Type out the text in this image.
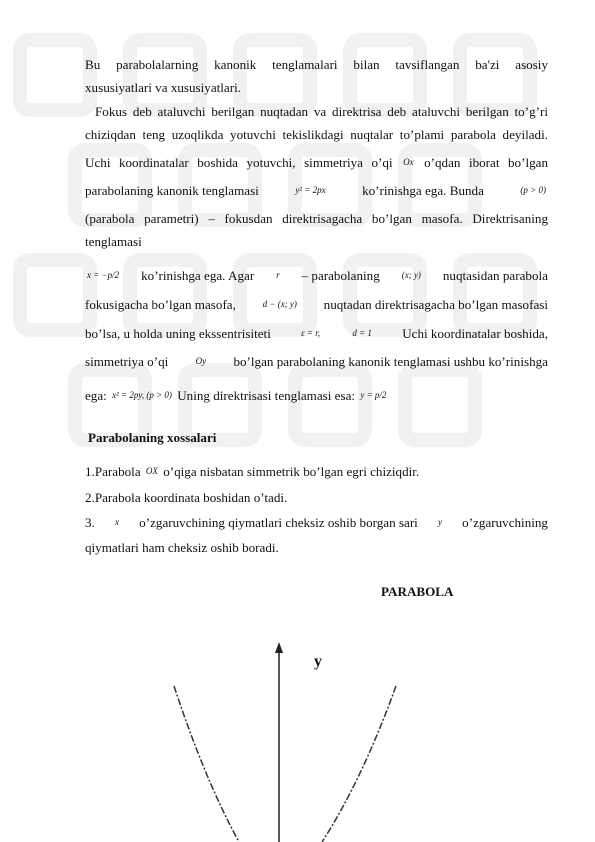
Bu parabolalarning kanonik tenglamalari bilan tavsiflangan ba'zi asosiy
xususiyatlari va xususiyatlari.
Fokus deb ataluvchi berilgan nuqtadan va direktrisa deb ataluvchi berilgan to’g’ri
chiziqdan teng uzoqlikda yotuvchi tekislikdagi nuqtalar to’plami parabola deyiladi.
Uchi koordinatalar boshida yotuvchi, simmetriya o’qi Ox o’qdan iborat bo’lgan
parabolaning kanonik tenglamasi	y² = 2px	ko’rinishga ega. Bunda	(p > 0)
(parabola parametri) – fokusdan direktrisagacha bo’lgan masofa. Direktrisaning
tenglamasi
x = −p/2 ko’rinishga ega. Agar r – parabolaning (x; y) nuqtasidan parabola
fokusigacha bo’lgan masofa,	d − (x; y) nuqtadan direktrisagacha bo’lgan masofasi
bo’lsa, u holda uning ekssentrisiteti	ε = r,	d = 1 Uchi koordinatalar boshida,
simmetriya o’qi	Oy bo’lgan parabolaning kanonik tenglamasi ushbu ko’rinishga
ega: x² = 2py, (p > 0) Uning direktrisasi tenglamasi esa: y = p/2
Parabolaning xossalari
1.Parabola OX o’qiga nisbatan simmetrik bo’lgan egri chiziqdir.
2.Parabola koordinata boshidan o’tadi.
3. x o’zgaruvchining qiymatlari cheksiz oshib borgan sari y o’zgaruvchining
qiymatlari ham cheksiz oshib boradi.
PARABOLA
y
